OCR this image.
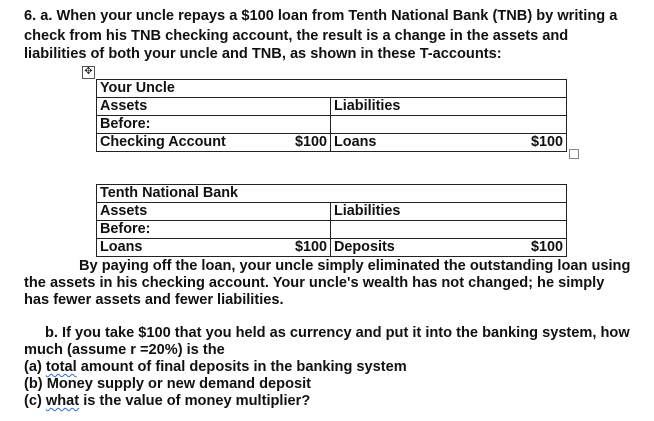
6. a. When your uncle repays a $100 loan from Tenth National Bank (TNB) by writing a
check from his TNB checking account, the result is a change in the assets and
liabilities of both your uncle and TNB, as shown in these T-accounts:
✥
Your Uncle	
Assets	Liabilities
Before:	

Checking Account $100	Loans $100
Tenth National Bank	
Assets	Liabilities
Before:	

Loans $100	Deposits $100
By paying off the loan, your uncle simply eliminated the outstanding loan using
the assets in his checking account. Your uncle's wealth has not changed; he simply
has fewer assets and fewer liabilities.
b. If you take $100 that you held as currency and put it into the banking system, how
much (assume r =20%) is the
(a) total amount of final deposits in the banking system
(b) Money supply or new demand deposit
(c) what is the value of money multiplier?
